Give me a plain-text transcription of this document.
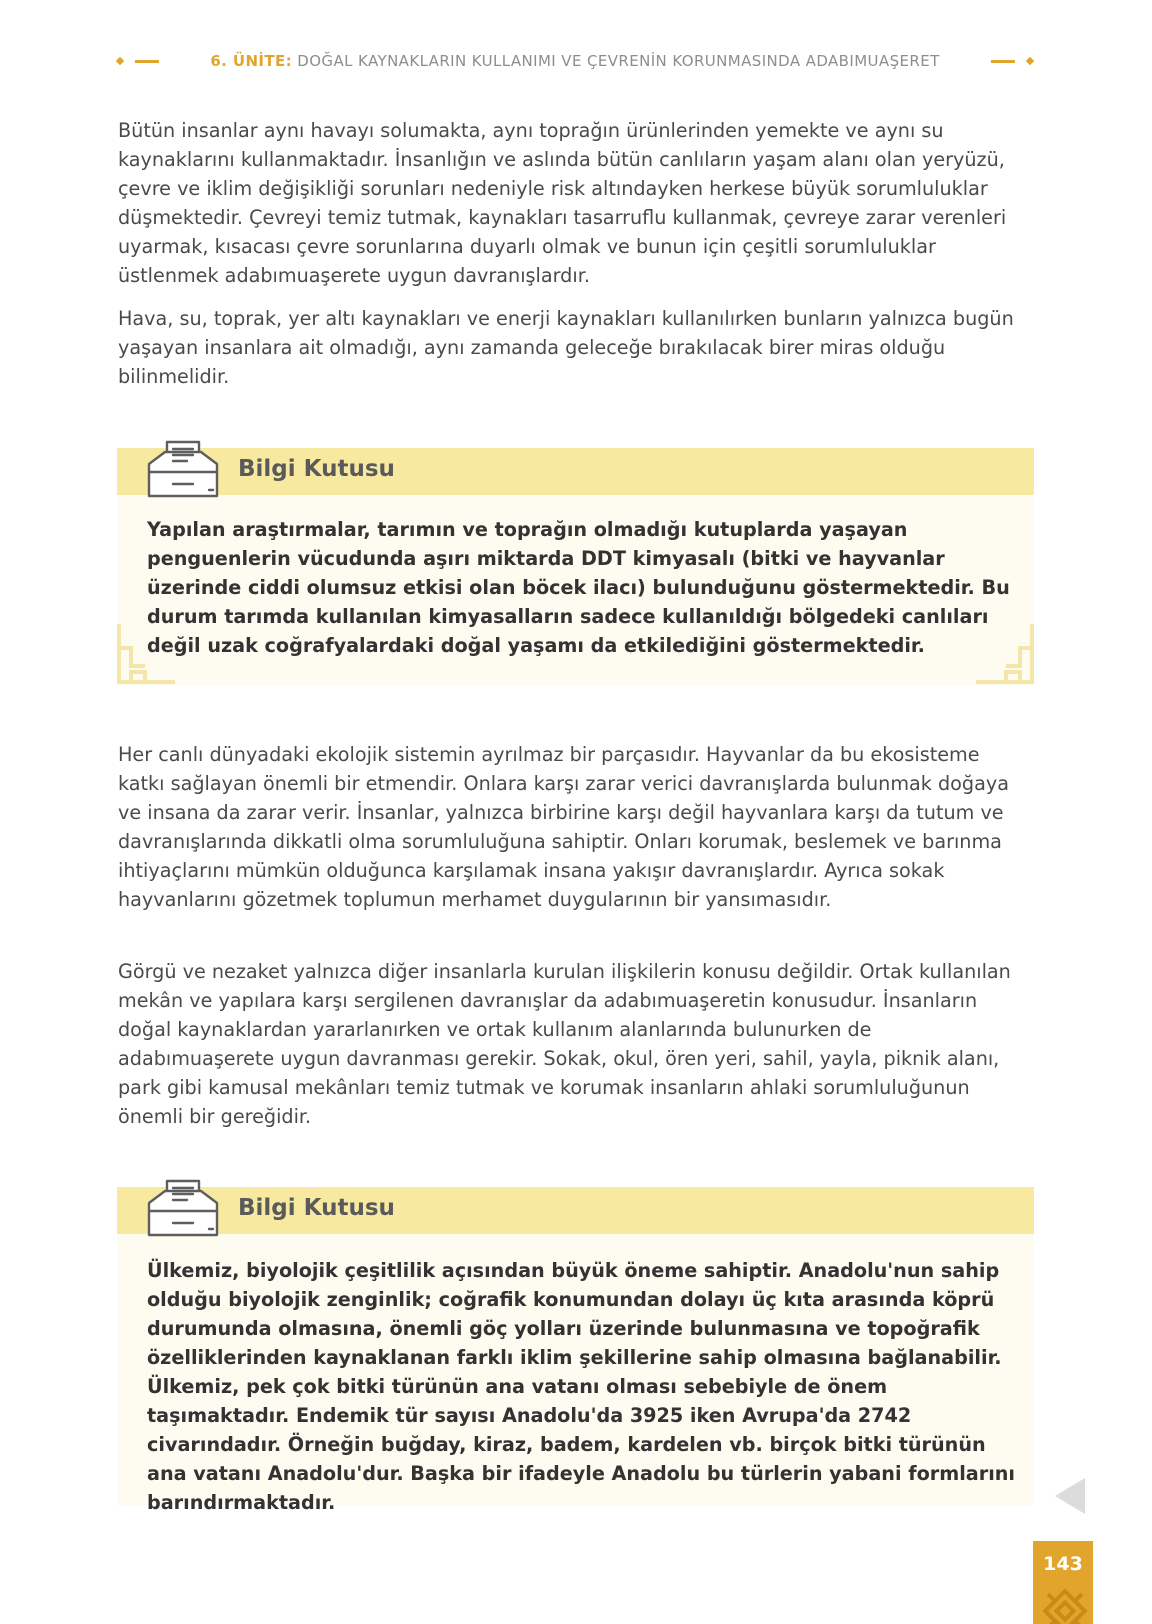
6. ÜNİTE: DOĞAL KAYNAKLARIN KULLANIMI VE ÇEVRENİN KORUNMASINDA ADABIMUAŞERET

Bütün insanlar aynı havayı solumakta, aynı toprağın ürünlerinden yemekte ve aynı su kaynaklarını kullanmaktadır. İnsanlığın ve aslında bütün canlıların yaşam alanı olan yeryüzü, çevre ve iklim değişikliği sorunları nedeniyle risk altındayken herkese büyük sorumluluklar düşmektedir. Çevreyi temiz tutmak, kaynakları tasarruflu kullanmak, çevreye zarar verenleri uyarmak, kısacası çevre sorunlarına duyarlı olmak ve bunun için çeşitli sorumluluklar üstlenmek adabımuaşerete uygun davranışlardır.

Hava, su, toprak, yer altı kaynakları ve enerji kaynakları kullanılırken bunların yalnızca bugün yaşayan insanlara ait olmadığı, aynı zamanda geleceğe bırakılacak birer miras olduğu bilinmelidir.

Bilgi Kutusu

Yapılan araştırmalar, tarımın ve toprağın olmadığı kutuplarda yaşayan penguenlerin vücudunda aşırı miktarda DDT kimyasalı (bitki ve hayvanlar üzerinde ciddi olumsuz etkisi olan böcek ilacı) bulunduğunu göstermektedir. Bu durum tarımda kullanılan kimyasalların sadece kullanıldığı bölgedeki canlıları değil uzak coğrafyalardaki doğal yaşamı da etkilediğini göstermektedir.

Her canlı dünyadaki ekolojik sistemin ayrılmaz bir parçasıdır. Hayvanlar da bu ekosisteme katkı sağlayan önemli bir etmendir. Onlara karşı zarar verici davranışlarda bulunmak doğaya ve insana da zarar verir. İnsanlar, yalnızca birbirine karşı değil hayvanlara karşı da tutum ve davranışlarında dikkatli olma sorumluluğuna sahiptir. Onları korumak, beslemek ve barınma ihtiyaçlarını mümkün olduğunca karşılamak insana yakışır davranışlardır. Ayrıca sokak hayvanlarını gözetmek toplumun merhamet duygularının bir yansımasıdır.

Görgü ve nezaket yalnızca diğer insanlarla kurulan ilişkilerin konusu değildir. Ortak kullanılan mekân ve yapılara karşı sergilenen davranışlar da adabımuaşeretin konusudur. İnsanların doğal kaynaklardan yararlanırken ve ortak kullanım alanlarında bulunurken de adabımuaşerete uygun davranması gerekir. Sokak, okul, ören yeri, sahil, yayla, piknik alanı, park gibi kamusal mekânları temiz tutmak ve korumak insanların ahlaki sorumluluğunun önemli bir gereğidir.

Bilgi Kutusu

Ülkemiz, biyolojik çeşitlilik açısından büyük öneme sahiptir. Anadolu'nun sahip olduğu biyolojik zenginlik; coğrafik konumundan dolayı üç kıta arasında köprü durumunda olmasına, önemli göç yolları üzerinde bulunmasına ve topoğrafik özelliklerinden kaynaklanan farklı iklim şekillerine sahip olmasına bağlanabilir. Ülkemiz, pek çok bitki türünün ana vatanı olması sebebiyle de önem taşımaktadır. Endemik tür sayısı Anadolu'da 3925 iken Avrupa'da 2742 civarındadır. Örneğin buğday, kiraz, badem, kardelen vb. birçok bitki türünün ana vatanı Anadolu'dur. Başka bir ifadeyle Anadolu bu türlerin yabani formlarını barındırmaktadır.

143
